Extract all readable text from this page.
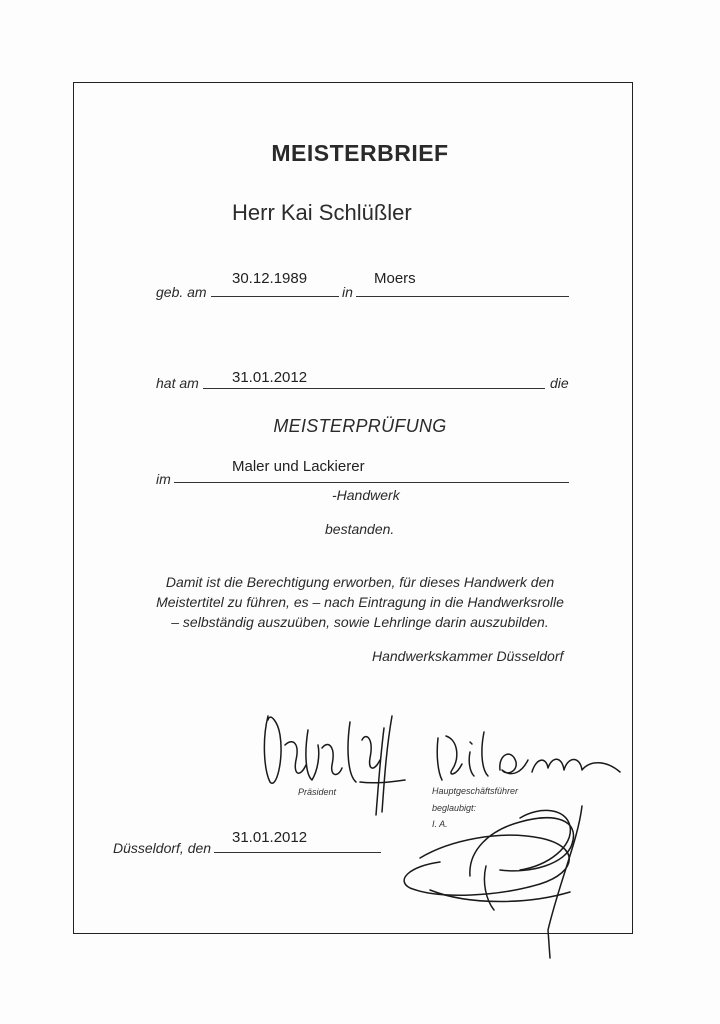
MEISTERBRIEF
Herr Kai Schlüßler
geb. am
30.12.1989
in
Moers
hat am 31.01.2012	die
MEISTERPRÜFUNG
im
Maler und Lackierer
-Handwerk
bestanden.
Damit ist die Berechtigung erworben, für dieses Handwerk den
Meistertitel zu führen, es – nach Eintragung in die Handwerksrolle
– selbständig auszuüben, sowie Lehrlinge darin auszubilden.
Handwerkskammer Düsseldorf
Präsident	Hauptgeschäftsführer
beglaubigt:
I. A.
Düsseldorf, den
31.01.2012
